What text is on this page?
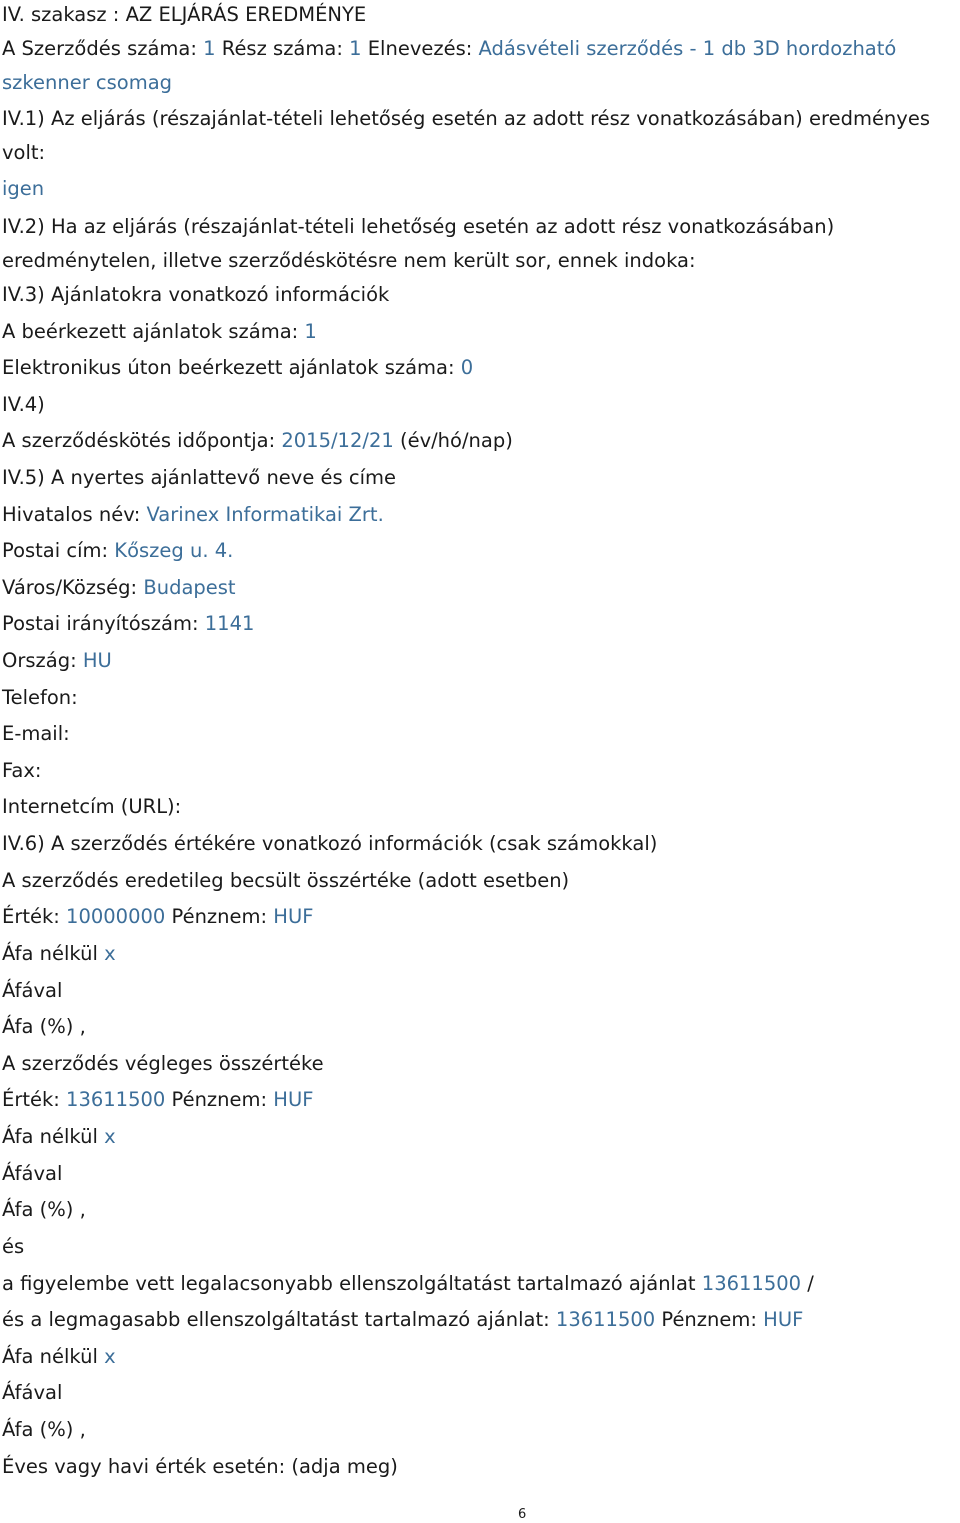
IV. szakasz : AZ ELJÁRÁS EREDMÉNYE
A Szerződés száma: 1 Rész száma: 1 Elnevezés: Adásvételi szerződés - 1 db 3D hordozható szkenner csomag
IV.1) Az eljárás (részajánlat-tételi lehetőség esetén az adott rész vonatkozásában) eredményes volt:
igen
IV.2) Ha az eljárás (részajánlat-tételi lehetőség esetén az adott rész vonatkozásában) eredménytelen, illetve szerződéskötésre nem került sor, ennek indoka:
IV.3) Ajánlatokra vonatkozó információk
A beérkezett ajánlatok száma: 1
Elektronikus úton beérkezett ajánlatok száma: 0
IV.4)
A szerződéskötés időpontja: 2015/12/21 (év/hó/nap)
IV.5) A nyertes ajánlattevő neve és címe
Hivatalos név: Varinex Informatikai Zrt.
Postai cím: Kőszeg u. 4.
Város/Község: Budapest
Postai irányítószám: 1141
Ország: HU
Telefon:
E-mail:
Fax:
Internetcím (URL):
IV.6) A szerződés értékére vonatkozó információk (csak számokkal)
A szerződés eredetileg becsült összértéke (adott esetben)
Érték: 10000000 Pénznem: HUF
Áfa nélkül x
Áfával
Áfa (%) ,
A szerződés végleges összértéke
Érték: 13611500 Pénznem: HUF
Áfa nélkül x
Áfával
Áfa (%) ,
és
a figyelembe vett legalacsonyabb ellenszolgáltatást tartalmazó ajánlat 13611500 /
és a legmagasabb ellenszolgáltatást tartalmazó ajánlat: 13611500 Pénznem: HUF
Áfa nélkül x
Áfával
Áfa (%) ,
Éves vagy havi érték esetén: (adja meg)
6
